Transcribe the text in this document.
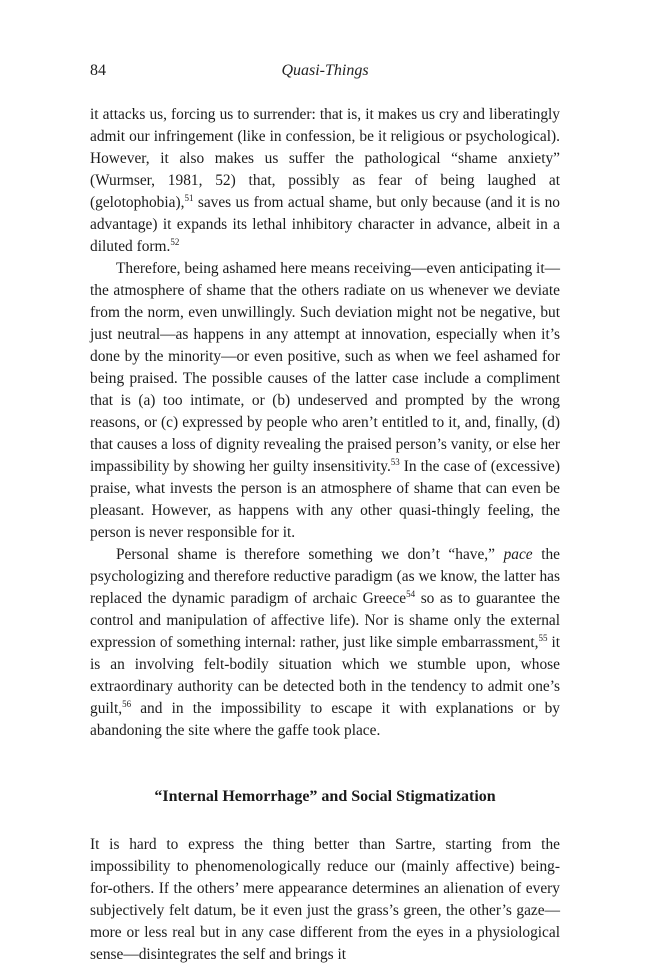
84	Quasi-Things

it attacks us, forcing us to surrender: that is, it makes us cry and liberatingly admit our infringement (like in confession, be it religious or psychological). However, it also makes us suffer the pathological “shame anxiety” (Wurmser, 1981, 52) that, possibly as fear of being laughed at (gelotophobia),$^{51}$ saves us from actual shame, but only because (and it is no advantage) it expands its lethal inhibitory character in advance, albeit in a diluted form.$^{52}$

Therefore, being ashamed here means receiving—even anticipating it—the atmosphere of shame that the others radiate on us whenever we deviate from the norm, even unwillingly. Such deviation might not be negative, but just neutral—as happens in any attempt at innovation, especially when it’s done by the minority—or even positive, such as when we feel ashamed for being praised. The possible causes of the latter case include a compliment that is (a) too intimate, or (b) undeserved and prompted by the wrong reasons, or (c) expressed by people who aren’t entitled to it, and, finally, (d) that causes a loss of dignity revealing the praised person’s vanity, or else her impassibility by showing her guilty insensitivity.$^{53}$ In the case of (excessive) praise, what invests the person is an atmosphere of shame that can even be pleasant. However, as happens with any other quasi-thingly feeling, the person is never responsible for it.

Personal shame is therefore something we don’t “have,” pace the psychologizing and therefore reductive paradigm (as we know, the latter has replaced the dynamic paradigm of archaic Greece$^{54}$ so as to guarantee the control and manipulation of affective life). Nor is shame only the external expression of something internal: rather, just like simple embarrassment,$^{55}$ it is an involving felt-bodily situation which we stumble upon, whose extraordinary authority can be detected both in the tendency to admit one’s guilt,$^{56}$ and in the impossibility to escape it with explanations or by abandoning the site where the gaffe took place.

“Internal Hemorrhage” and Social Stigmatization

It is hard to express the thing better than Sartre, starting from the impossibility to phenomenologically reduce our (mainly affective) being-for-others. If the others’ mere appearance determines an alienation of every subjectively felt datum, be it even just the grass’s green, the other’s gaze—more or less real but in any case different from the eyes in a physiological sense—disintegrates the self and brings it
